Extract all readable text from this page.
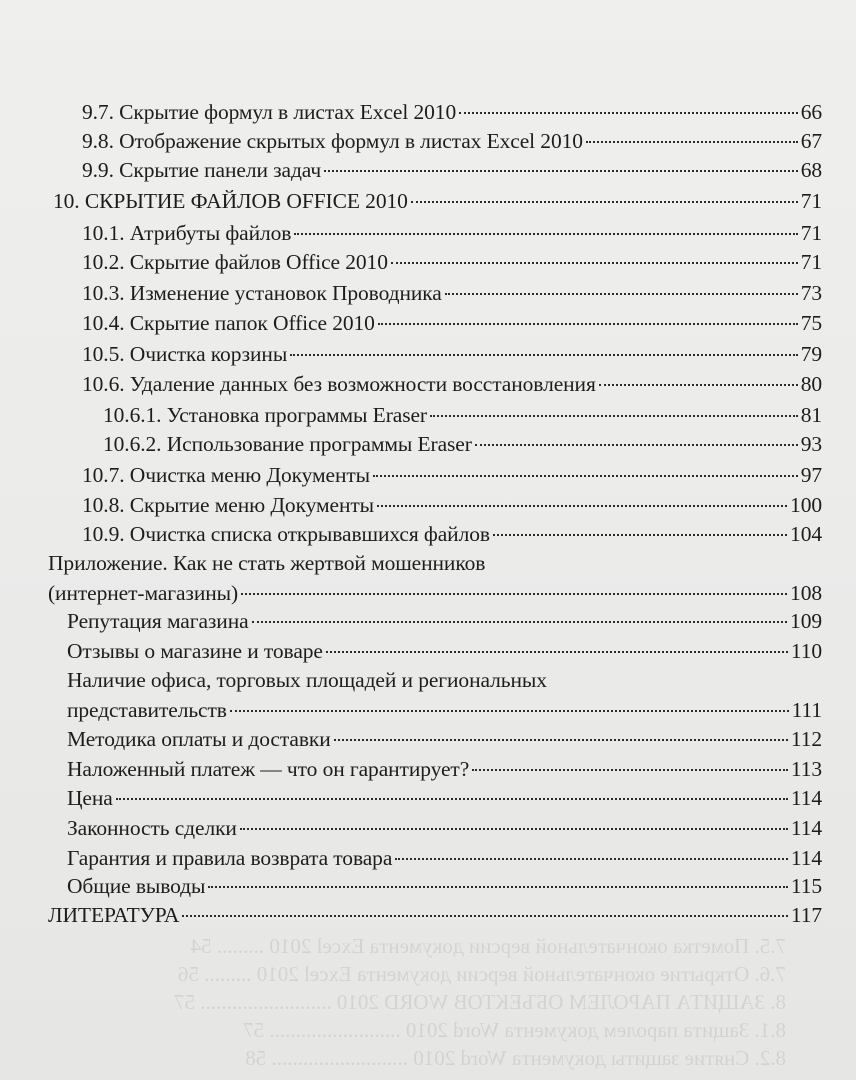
7.5. Пометка окончательной версии документа Excel 2010 ......... 54
7.6. Открытие окончательной версии документа Excel 2010 ......... 56
8. ЗАЩИТА ПАРОЛЕМ ОБЪЕКТОВ WORD 2010 ......................... 57
8.1. Защита паролем документа Word 2010 ......................... 57
8.2. Снятие защиты документа Word 2010 .......................... 58
9.7. Скрытие формул в листах Excel 2010	66
9.8. Отображение скрытых формул в листах Excel 2010	67
9.9. Скрытие панели задач	68
10. СКРЫТИЕ ФАЙЛОВ OFFICE 2010	71
10.1. Атрибуты файлов	71
10.2. Скрытие файлов Office 2010	71
10.3. Изменение установок Проводника	73
10.4. Скрытие папок Office 2010	75
10.5. Очистка корзины	79
10.6. Удаление данных без возможности восстановления	80
10.6.1. Установка программы Eraser	81
10.6.2. Использование программы Eraser	93
10.7. Очистка меню Документы	97
10.8. Скрытие меню Документы	100
10.9. Очистка списка открывавшихся файлов	104
Приложение. Как не стать жертвой мошенников
(интернет-магазины)	108
Репутация магазина	109
Отзывы о магазине и товаре	110
Наличие офиса, торговых площадей и региональных
представительств	111
Методика оплаты и доставки	112
Наложенный платеж — что он гарантирует?	113
Цена	114
Законность сделки	114
Гарантия и правила возврата товара	114
Общие выводы	115
ЛИТЕРАТУРА	117
